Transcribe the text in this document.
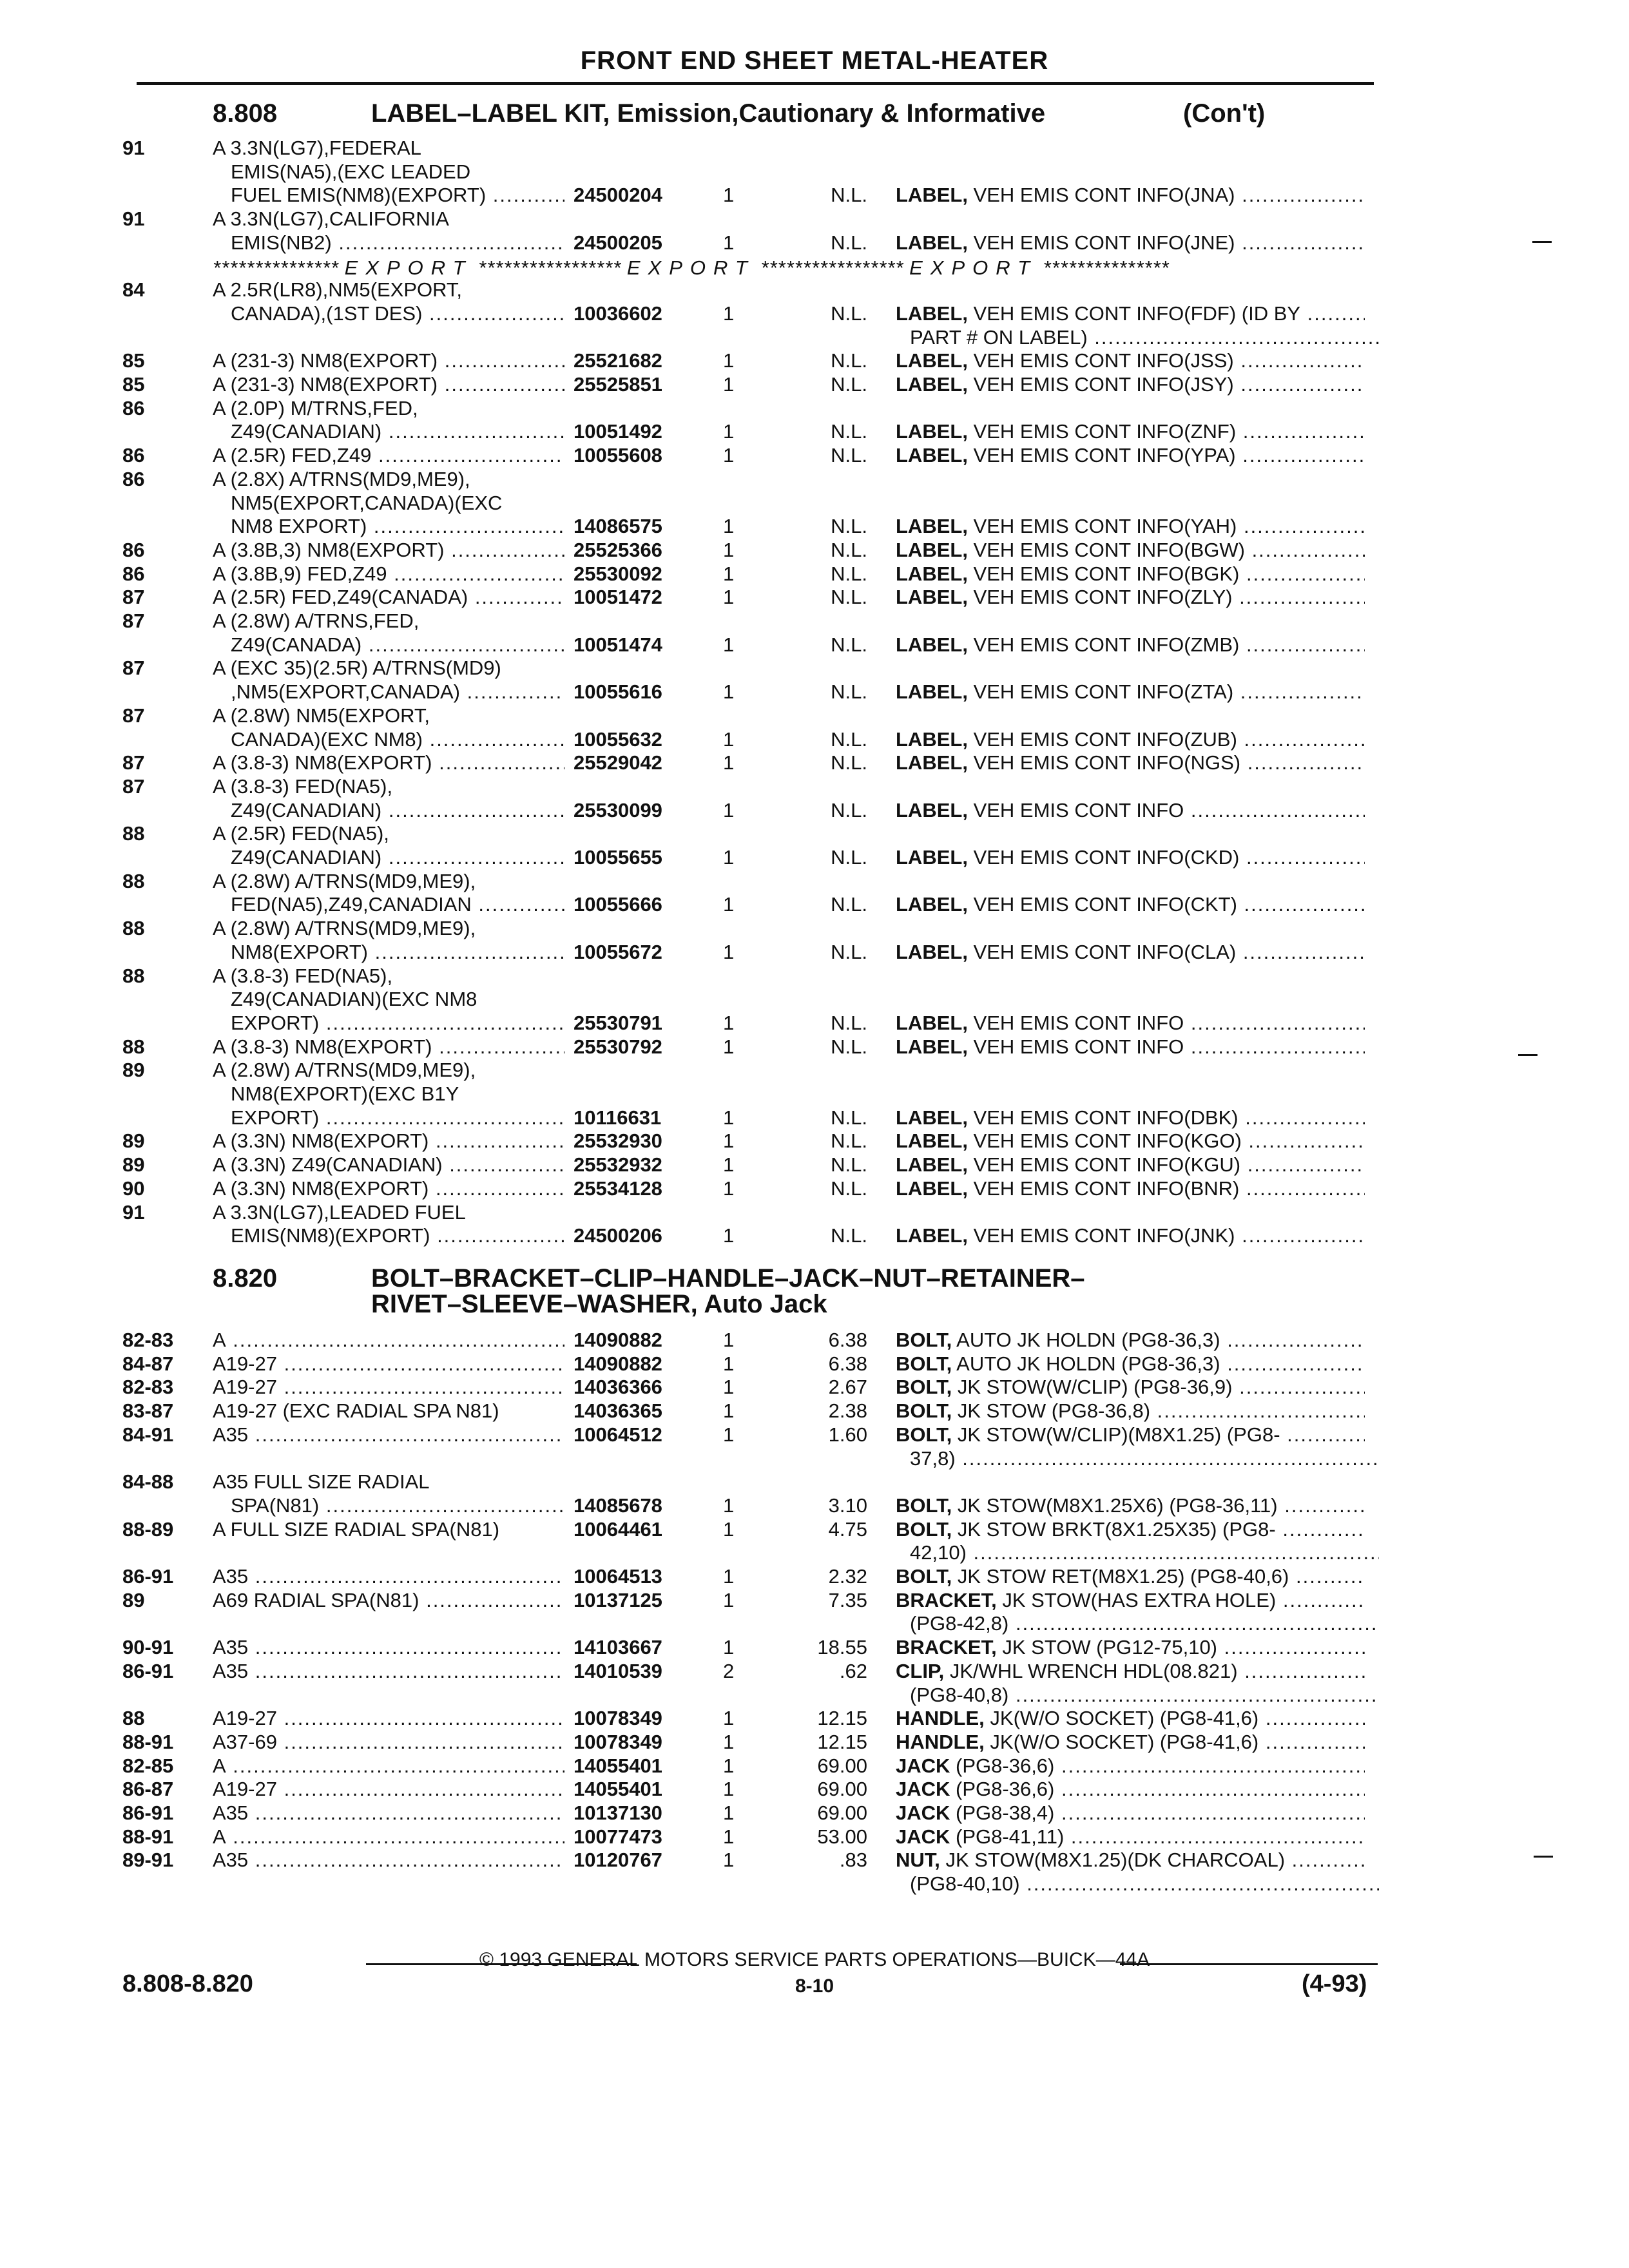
FRONT END SHEET METAL-HEATER
8.808	LABEL–LABEL KIT, Emission,Cautionary & Informative	(Con't)
*************** EXPORT ***************** EXPORT ***************** EXPORT ***************
8.820	BOLT–BRACKET–CLIP–HANDLE–JACK–NUT–RETAINER–
RIVET–SLEEVE–WASHER, Auto Jack
91	A 3.3N(LG7),FEDERAL
EMIS(NA5),(EXC LEADED
FUEL EMIS(NM8)(EXPORT) .....	24500204	1	N.L. LABEL, VEH EMIS CONT INFO(JNA) .....
91	A 3.3N(LG7),CALIFORNIA
EMIS(NB2) .....	24500205	1	N.L. LABEL, VEH EMIS CONT INFO(JNE) .....
84	A 2.5R(LR8),NM5(EXPORT,
CANADA),(1ST DES) .....	10036602	1	N.L. LABEL, VEH EMIS CONT INFO(FDF) (ID BY .....
PART # ON LABEL) .....
85	A (231-3) NM8(EXPORT) .....	25521682	1	N.L. LABEL, VEH EMIS CONT INFO(JSS) .....
85	A (231-3) NM8(EXPORT) .....	25525851	1	N.L. LABEL, VEH EMIS CONT INFO(JSY) .....
86	A (2.0P) M/TRNS,FED,
Z49(CANADIAN) .....	10051492	1	N.L. LABEL, VEH EMIS CONT INFO(ZNF) .....
86	A (2.5R) FED,Z49 .....	10055608	1	N.L. LABEL, VEH EMIS CONT INFO(YPA) .....
86	A (2.8X) A/TRNS(MD9,ME9),
NM5(EXPORT,CANADA)(EXC
NM8 EXPORT) .....	14086575	1	N.L. LABEL, VEH EMIS CONT INFO(YAH) .....
86	A (3.8B,3) NM8(EXPORT) .....	25525366	1	N.L. LABEL, VEH EMIS CONT INFO(BGW) .....
86	A (3.8B,9) FED,Z49 .....	25530092	1	N.L. LABEL, VEH EMIS CONT INFO(BGK) .....
87	A (2.5R) FED,Z49(CANADA) .....	10051472	1	N.L. LABEL, VEH EMIS CONT INFO(ZLY) .....
87	A (2.8W) A/TRNS,FED,
Z49(CANADA) .....	10051474	1	N.L. LABEL, VEH EMIS CONT INFO(ZMB) .....
87	A (EXC 35)(2.5R) A/TRNS(MD9)
,NM5(EXPORT,CANADA) .....	10055616	1	N.L. LABEL, VEH EMIS CONT INFO(ZTA) .....
87	A (2.8W) NM5(EXPORT,
CANADA)(EXC NM8) .....	10055632	1	N.L. LABEL, VEH EMIS CONT INFO(ZUB) .....
87	A (3.8-3) NM8(EXPORT) .....	25529042	1	N.L. LABEL, VEH EMIS CONT INFO(NGS) .....
87	A (3.8-3) FED(NA5),
Z49(CANADIAN) .....	25530099	1	N.L. LABEL, VEH EMIS CONT INFO .....
88	A (2.5R) FED(NA5),
Z49(CANADIAN) .....	10055655	1	N.L. LABEL, VEH EMIS CONT INFO(CKD) .....
88	A (2.8W) A/TRNS(MD9,ME9),
FED(NA5),Z49,CANADIAN .....	10055666	1	N.L. LABEL, VEH EMIS CONT INFO(CKT) .....
88	A (2.8W) A/TRNS(MD9,ME9),
NM8(EXPORT) .....	10055672	1	N.L. LABEL, VEH EMIS CONT INFO(CLA) .....
88	A (3.8-3) FED(NA5),
Z49(CANADIAN)(EXC NM8
EXPORT) .....	25530791	1	N.L. LABEL, VEH EMIS CONT INFO .....
88	A (3.8-3) NM8(EXPORT) .....	25530792	1	N.L. LABEL, VEH EMIS CONT INFO .....
89	A (2.8W) A/TRNS(MD9,ME9),
NM8(EXPORT)(EXC B1Y
EXPORT) .....	10116631	1	N.L. LABEL, VEH EMIS CONT INFO(DBK) .....
89	A (3.3N) NM8(EXPORT) .....	25532930	1	N.L. LABEL, VEH EMIS CONT INFO(KGO) .....
89	A (3.3N) Z49(CANADIAN) .....	25532932	1	N.L. LABEL, VEH EMIS CONT INFO(KGU) .....
90	A (3.3N) NM8(EXPORT) .....	25534128	1	N.L. LABEL, VEH EMIS CONT INFO(BNR) .....
91	A 3.3N(LG7),LEADED FUEL
EMIS(NM8)(EXPORT) .....	24500206	1	N.L. LABEL, VEH EMIS CONT INFO(JNK) .....
82-83 A .....	14090882	1	6.38 BOLT, AUTO JK HOLDN (PG8-36,3) .....
84-87 A19-27 .....	14090882	1	6.38 BOLT, AUTO JK HOLDN (PG8-36,3) .....
82-83 A19-27 .....	14036366	1	2.67 BOLT, JK STOW(W/CLIP) (PG8-36,9) .....
83-87 A19-27 (EXC RADIAL SPA N81)	14036365	1	2.38 BOLT, JK STOW (PG8-36,8) .....
84-91 A35 .....	10064512	1	1.60 BOLT, JK STOW(W/CLIP)(M8X1.25) (PG8- .....
37,8) .....
84-88 A35 FULL SIZE RADIAL
SPA(N81) .....	14085678	1	3.10 BOLT, JK STOW(M8X1.25X6) (PG8-36,11) .....
88-89 A FULL SIZE RADIAL SPA(N81)	10064461	1	4.75 BOLT, JK STOW BRKT(8X1.25X35) (PG8- .....
42,10) .....
86-91 A35 .....	10064513	1	2.32 BOLT, JK STOW RET(M8X1.25) (PG8-40,6) .....
89	A69 RADIAL SPA(N81) .....	10137125	1	7.35 BRACKET, JK STOW(HAS EXTRA HOLE) .....
(PG8-42,8) .....
90-91 A35 .....	14103667	1	18.55 BRACKET, JK STOW (PG12-75,10) .....
86-91 A35 .....	14010539	2	.62 CLIP, JK/WHL WRENCH HDL(08.821) .....
(PG8-40,8) .....
88	A19-27 .....	10078349	1	12.15 HANDLE, JK(W/O SOCKET) (PG8-41,6) .....
88-91 A37-69 .....	10078349	1	12.15 HANDLE, JK(W/O SOCKET) (PG8-41,6) .....
82-85 A .....	14055401	1	69.00 JACK (PG8-36,6) .....
86-87 A19-27 .....	14055401	1	69.00 JACK (PG8-36,6) .....
86-91 A35 .....	10137130	1	69.00 JACK (PG8-38,4) .....
88-91 A .....	10077473	1	53.00 JACK (PG8-41,11) .....
89-91 A35 .....	10120767	1	.83 NUT, JK STOW(M8X1.25)(DK CHARCOAL) .....
(PG8-40,10) .....
© 1993 GENERAL MOTORS SERVICE PARTS OPERATIONS—BUICK—44A
8.808-8.820	8-10	(4-93)
